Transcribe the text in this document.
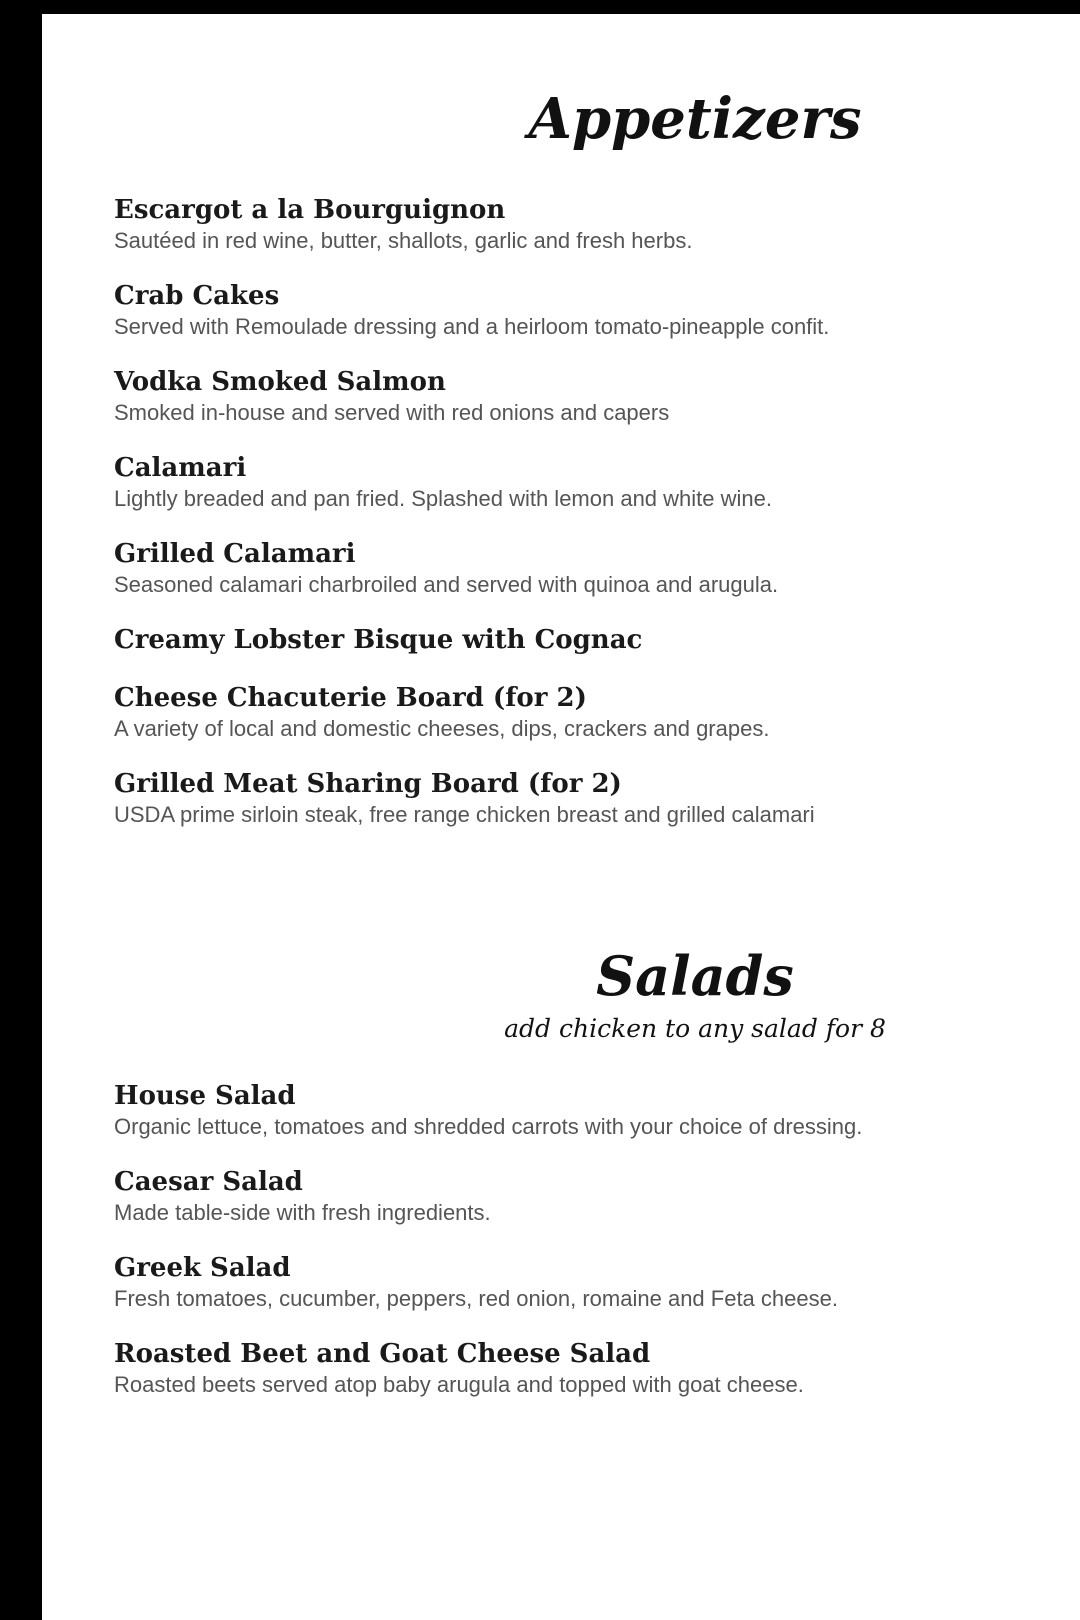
Appetizers
Escargot a la Bourguignon
Sautéed in red wine, butter, shallots, garlic and fresh herbs.
Crab Cakes
Served with Remoulade dressing and a heirloom tomato-pineapple confit.
Vodka Smoked Salmon
Smoked in-house and served with red onions and capers
Calamari
Lightly breaded and pan fried. Splashed with lemon and white wine.
Grilled Calamari
Seasoned calamari charbroiled and served with quinoa and arugula.
Creamy Lobster Bisque with Cognac
Cheese Chacuterie Board (for 2)
A variety of local and domestic cheeses, dips, crackers and grapes.
Grilled Meat Sharing Board (for 2)
USDA prime sirloin steak, free range chicken breast and grilled calamari
Salads

add chicken to any salad for 8

House Salad
Organic lettuce, tomatoes and shredded carrots with your choice of dressing.
Caesar Salad
Made table-side with fresh ingredients.
Greek Salad
Fresh tomatoes, cucumber, peppers, red onion, romaine and Feta cheese.
Roasted Beet and Goat Cheese Salad
Roasted beets served atop baby arugula and topped with goat cheese.
